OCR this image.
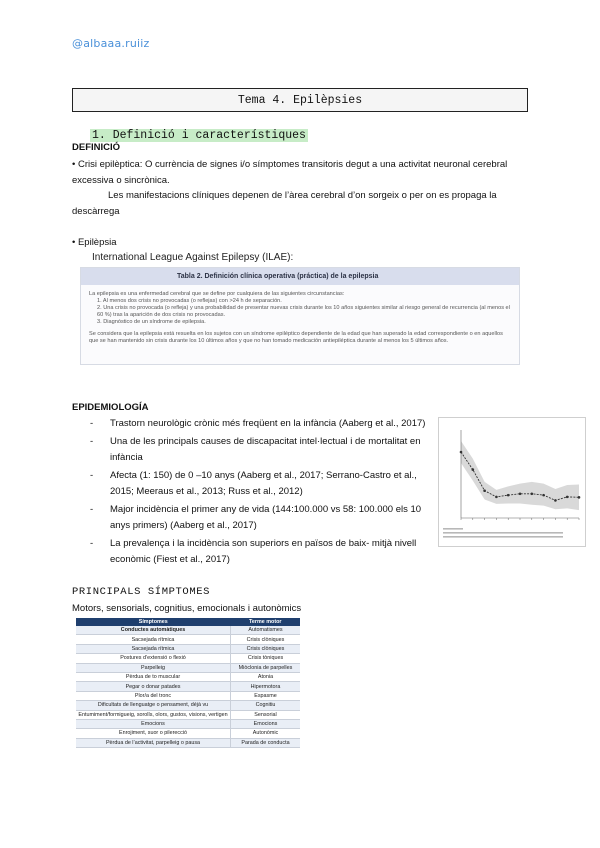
@albaaa.ruiiz
Tema 4. Epilèpsies
1. Definició i característiques
DEFINICIÓ
• Crisi epilèptica: O currència de signes i/o símptomes transitoris degut a una activitat neuronal cerebral excessiva o sincrònica.
Les manifestacions clíniques depenen de l’àrea cerebral d’on sorgeix o per on es propaga la descàrrega
• Epilèpsia
International League Against Epilepsy (ILAE):
Tabla 2. Definición clínica operativa (práctica) de la epilepsia
La epilepsia es una enfermedad cerebral que se define por cualquiera de las siguientes circunstancias:
1. Al menos dos crisis no provocadas (o reflejas) con >24 h de separación.
2. Una crisis no provocada (o refleja) y una probabilidad de presentar nuevas crisis durante los 10 años siguientes similar al riesgo general de recurrencia (al menos el 60 %) tras la aparición de dos crisis no provocadas.
3. Diagnóstico de un síndrome de epilepsia.
Se considera que la epilepsia está resuelta en los sujetos con un síndrome epiléptico dependiente de la edad que han superado la edad correspondiente o en aquellos que se han mantenido sin crisis durante los 10 últimos años y que no han tomado medicación antiepiléptica durante al menos los 5 últimos años.
EPIDEMIOLOGÍA
- Trastorn neurològic crònic més freqüent en la infància (Aaberg et al., 2017)
- Una de les principals causes de discapacitat intel·lectual i de mortalitat en infància
- Afecta (1: 150) de 0 –10 anys (Aaberg et al., 2017; Serrano-Castro et al., 2015; Meeraus et al., 2013; Russ et al., 2012)
- Major incidència el primer any de vida (144:100.000 vs 58: 100.000 els 10 anys primers) (Aaberg et al., 2017)
- La prevalença i la incidència son superiors en països de baix- mitjà nivell econòmic (Fiest et al., 2017)
PRINCIPALS SÍMPTOMES
Motors, sensorials, cognitius, emocionals i autonòmics
Símptomes	Terme motor
Conductes automàtiques	Automatismes
Sacsejada rítmica	Crisis clòniques
Sacsejada rítmica	Crisis clòniques
Postures d’extensió o flexió	Crisis tòniques
Parpelleig	Miòclonia de parpelles
Pèrdua de to muscular	Atonia
Pegar o donar patades	Hipermotora
Plor/a del tronc	Espasme
Dificultats de llenguatge o pensament, déjà vu	Cognitiu
Entumiment/formigueig, sorolls, olors, gustos, visions, vertigen	Sensorial
Emocions	Emocions
Enrojiment, suor o pilerecció	Autonòmic
Pèrdua de l’activitat, parpelleig o pausa	Parada de conducta
